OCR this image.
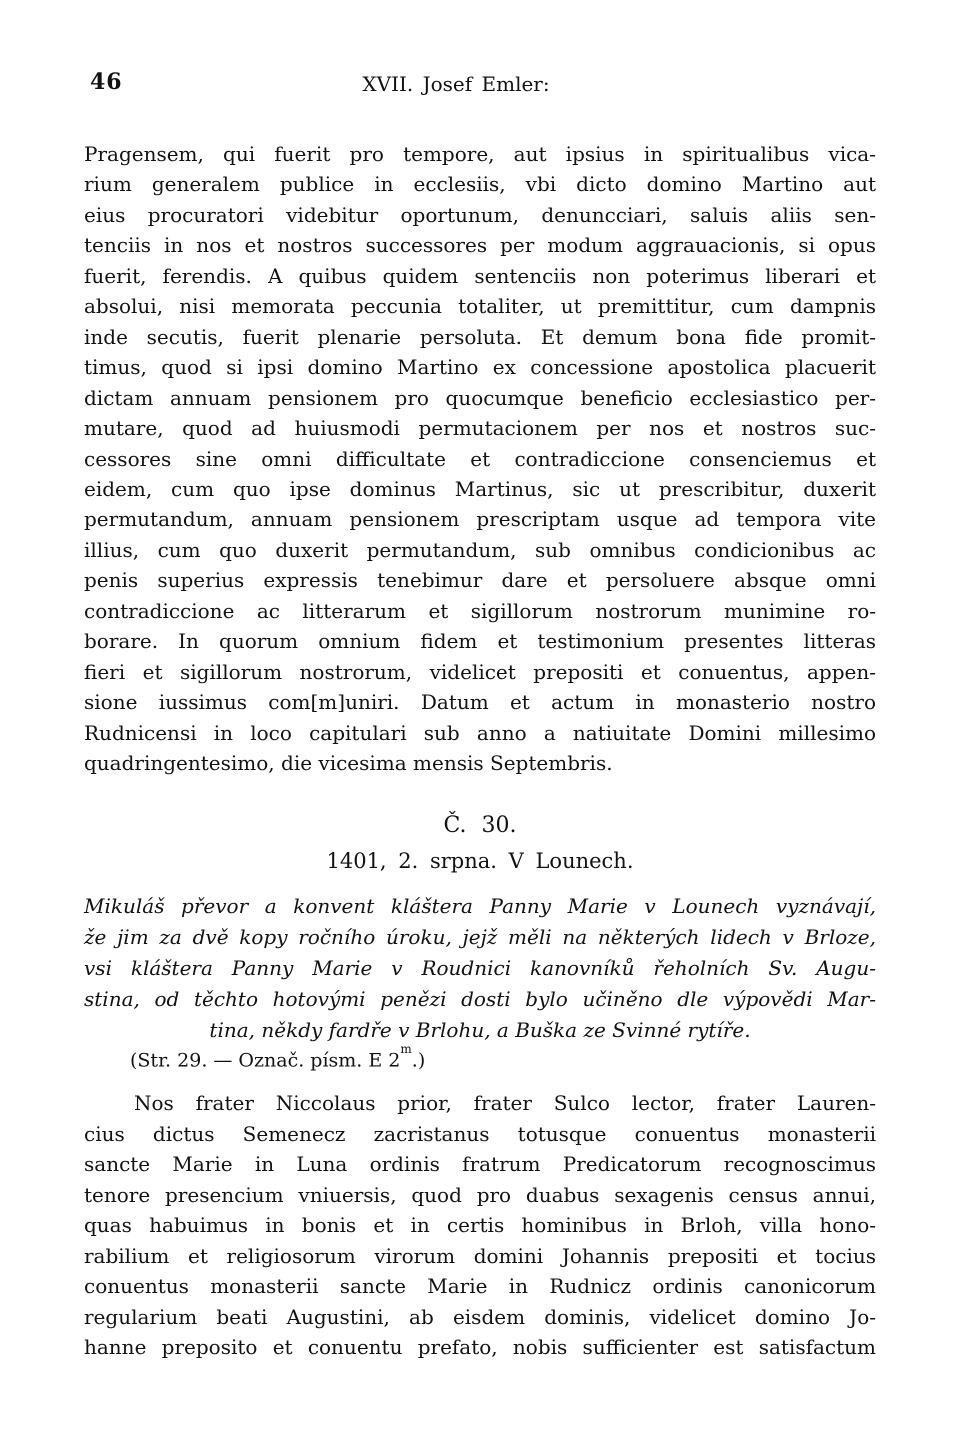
46	XVII. Josef Emler:
Pragensem, qui fuerit pro tempore, aut ipsius in spiritualibus vica-
rium generalem publice in ecclesiis, vbi dicto domino Martino aut
eius procuratori videbitur oportunum, denuncciari, saluis aliis sen-
tenciis in nos et nostros successores per modum aggrauacionis, si opus
fuerit, ferendis. A quibus quidem sentenciis non poterimus liberari et
absolui, nisi memorata peccunia totaliter, ut premittitur, cum dampnis
inde secutis, fuerit plenarie persoluta. Et demum bona fide promit-
timus, quod si ipsi domino Martino ex concessione apostolica placuerit
dictam annuam pensionem pro quocumque beneficio ecclesiastico per-
mutare, quod ad huiusmodi permutacionem per nos et nostros suc-
cessores sine omni difficultate et contradiccione consenciemus et
eidem, cum quo ipse dominus Martinus, sic ut prescribitur, duxerit
permutandum, annuam pensionem prescriptam usque ad tempora vite
illius, cum quo duxerit permutandum, sub omnibus condicionibus ac
penis superius expressis tenebimur dare et persoluere absque omni
contradiccione ac litterarum et sigillorum nostrorum munimine ro-
borare. In quorum omnium fidem et testimonium presentes litteras
fieri et sigillorum nostrorum, videlicet prepositi et conuentus, appen-
sione iussimus com[m]uniri. Datum et actum in monasterio nostro
Rudnicensi in loco capitulari sub anno a natiuitate Domini millesimo
quadringentesimo, die vicesima mensis Septembris.
Č. 30.
1401, 2. srpna. V Lounech.
Mikuláš převor a konvent kláštera Panny Marie v Lounech vyznávají,
že jim za dvě kopy ročního úroku, jejž měli na některých lidech v Brloze,
vsi kláštera Panny Marie v Roudnici kanovníků řeholních Sv. Augu-
stina, od těchto hotovými penězi dosti bylo učiněno dle výpovědi Mar-
tina, někdy fardře v Brlohu, a Buška ze Svinné rytíře.
(Str. 29. — Označ. písm. E 2$^m$.)
Nos frater Niccolaus prior, frater Sulco lector, frater Lauren-
cius dictus Semenecz zacristanus totusque conuentus monasterii
sancte Marie in Luna ordinis fratrum Predicatorum recognoscimus
tenore presencium vniuersis, quod pro duabus sexagenis census annui,
quas habuimus in bonis et in certis hominibus in Brloh, villa hono-
rabilium et religiosorum virorum domini Johannis prepositi et tocius
conuentus monasterii sancte Marie in Rudnicz ordinis canonicorum
regularium beati Augustini, ab eisdem dominis, videlicet domino Jo-
hanne preposito et conuentu prefato, nobis sufficienter est satisfactum
